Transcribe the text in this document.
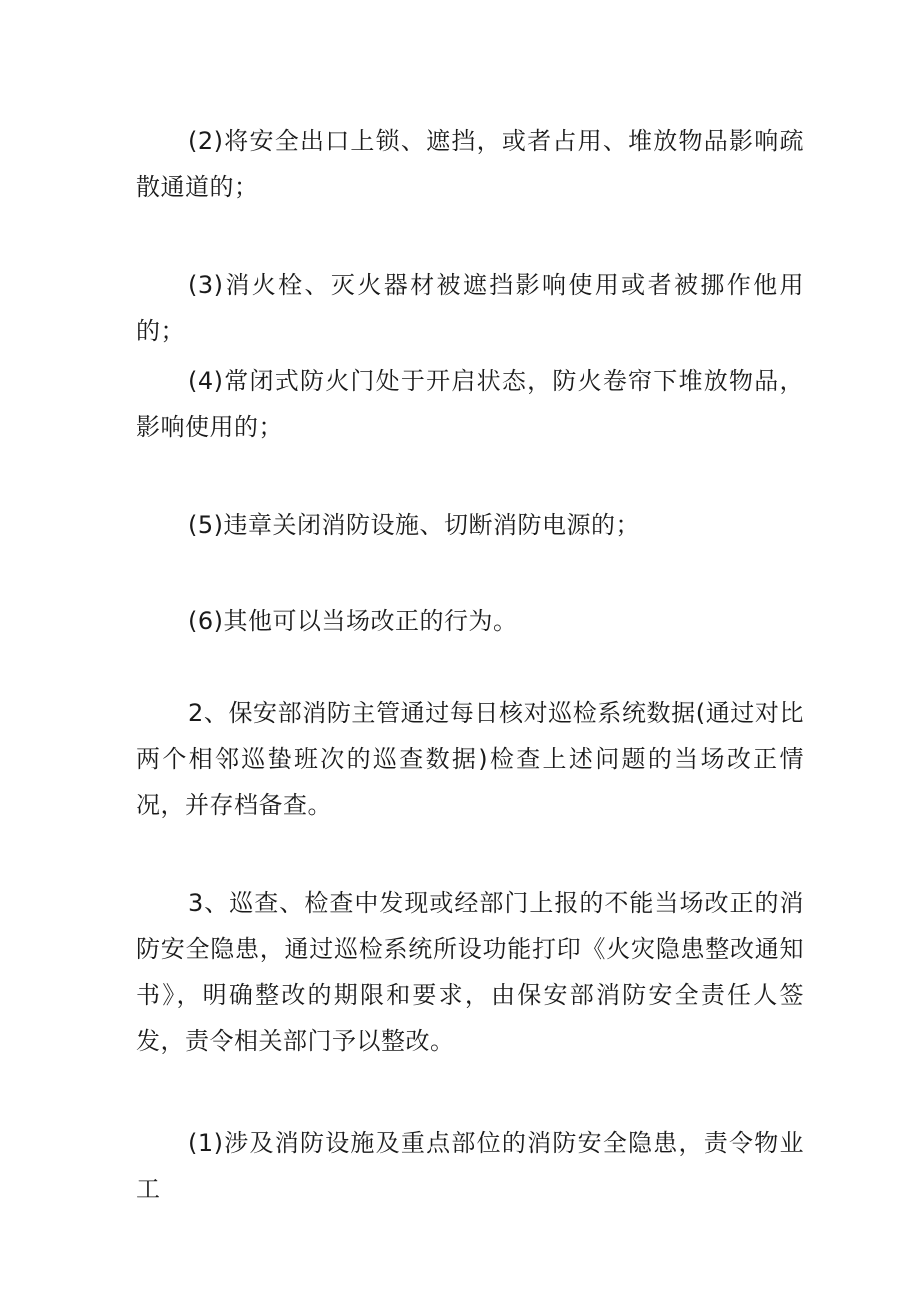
(2)将安全出口上锁、遮挡，或者占用、堆放物品影响疏散通道的；

(3)消火栓、灭火器材被遮挡影响使用或者被挪作他用的；

(4)常闭式防火门处于开启状态，防火卷帘下堆放物品，影响使用的；

(5)违章关闭消防设施、切断消防电源的；

(6)其他可以当场改正的行为。

2、保安部消防主管通过每日核对巡检系统数据(通过对比两个相邻巡蛰班次的巡查数据)检查上述问题的当场改正情况，并存档备查。

3、巡查、检查中发现或经部门上报的不能当场改正的消防安全隐患，通过巡检系统所设功能打印《火灾隐患整改通知书》，明确整改的期限和要求，由保安部消防安全责任人签发，责令相关部门予以整改。

(1)涉及消防设施及重点部位的消防安全隐患，责令物业工
